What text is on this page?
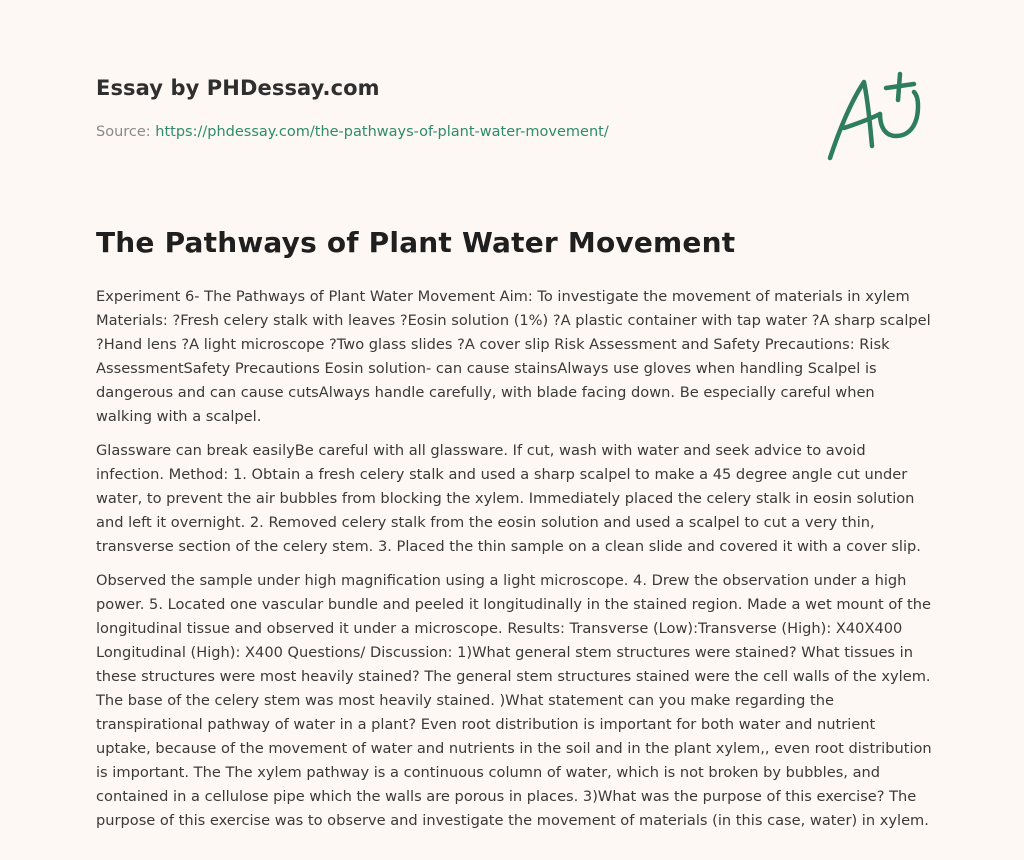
Essay by PHDessay.com
Source: https://phdessay.com/the-pathways-of-plant-water-movement/
The Pathways of Plant Water Movement

Experiment 6- The Pathways of Plant Water Movement Aim: To investigate the movement of materials in xylem Materials: ?Fresh celery stalk with leaves ?Eosin solution (1%) ?A plastic container with tap water ?A sharp scalpel ?Hand lens ?A light microscope ?Two glass slides ?A cover slip Risk Assessment and Safety Precautions: Risk AssessmentSafety Precautions Eosin solution- can cause stainsAlways use gloves when handling Scalpel is dangerous and can cause cutsAlways handle carefully, with blade facing down. Be especially careful when walking with a scalpel.

Glassware can break easilyBe careful with all glassware. If cut, wash with water and seek advice to avoid infection. Method: 1. Obtain a fresh celery stalk and used a sharp scalpel to make a 45 degree angle cut under water, to prevent the air bubbles from blocking the xylem. Immediately placed the celery stalk in eosin solution and left it overnight. 2. Removed celery stalk from the eosin solution and used a scalpel to cut a very thin, transverse section of the celery stem. 3. Placed the thin sample on a clean slide and covered it with a cover slip.

Observed the sample under high magnification using a light microscope. 4. Drew the observation under a high power. 5. Located one vascular bundle and peeled it longitudinally in the stained region. Made a wet mount of the longitudinal tissue and observed it under a microscope. Results: Transverse (Low):Transverse (High): X40X400 Longitudinal (High): X400 Questions/ Discussion: 1)What general stem structures were stained? What tissues in these structures were most heavily stained? The general stem structures stained were the cell walls of the xylem. The base of the celery stem was most heavily stained. )What statement can you make regarding the transpirational pathway of water in a plant? Even root distribution is important for both water and nutrient uptake, because of the movement of water and nutrients in the soil and in the plant xylem,, even root distribution is important. The The xylem pathway is a continuous column of water, which is not broken by bubbles, and contained in a cellulose pipe which the walls are porous in places. 3)What was the purpose of this exercise? The purpose of this exercise was to observe and investigate the movement of materials (in this case, water) in xylem.
